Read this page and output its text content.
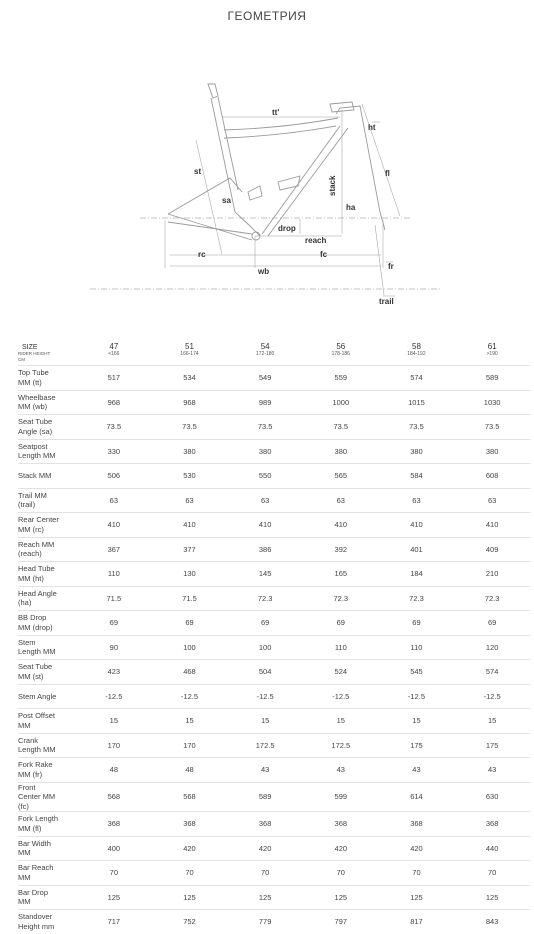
ГЕОМЕТРИЯ
tt'
ht
st	fl
sa
ha
drop
reach
rc	fc
wb
fr
trail
stack
SIZE	47	51	54	56	58	61
RIDER HEIGHT
CM	<166	166-174	172-180	178-186	184-192	>190
Top Tube
MM (tt)	517	534	549	559	574	589
Wheelbase
MM (wb)	968	968	989	1000	1015	1030
Seat Tube
Angle (sa)	73.5	73.5	73.5	73.5	73.5	73.5
Seatpost
Length MM	330	380	380	380	380	380
Stack MM	506	530	550	565	584	608
Trail MM
(trail)	63	63	63	63	63	63
Rear Center
MM (rc)	410	410	410	410	410	410
Reach MM
(reach)	367	377	386	392	401	409
Head Tube
MM (ht)	110	130	145	165	184	210
Head Angle
(ha)	71.5	71.5	72.3	72.3	72.3	72.3
BB Drop
MM (drop)	69	69	69	69	69	69
Stem
Length MM	90	100	100	110	110	120
Seat Tube
MM (st)	423	468	504	524	545	574
Stem Angle	-12.5	-12.5	-12.5	-12.5	-12.5	-12.5
Post Offset
MM	15	15	15	15	15	15
Crank
Length MM	170	170	172.5	172.5	175	175
Fork Rake
MM (fr)	48	48	43	43	43	43
Front
Center MM
(fc)	568	568	589	599	614	630
Fork Length
MM (fl)	368	368	368	368	368	368
Bar Width
MM	400	420	420	420	420	440
Bar Reach
MM	70	70	70	70	70	70
Bar Drop
MM	125	125	125	125	125	125
Standover
Height mm	717	752	779	797	817	843
